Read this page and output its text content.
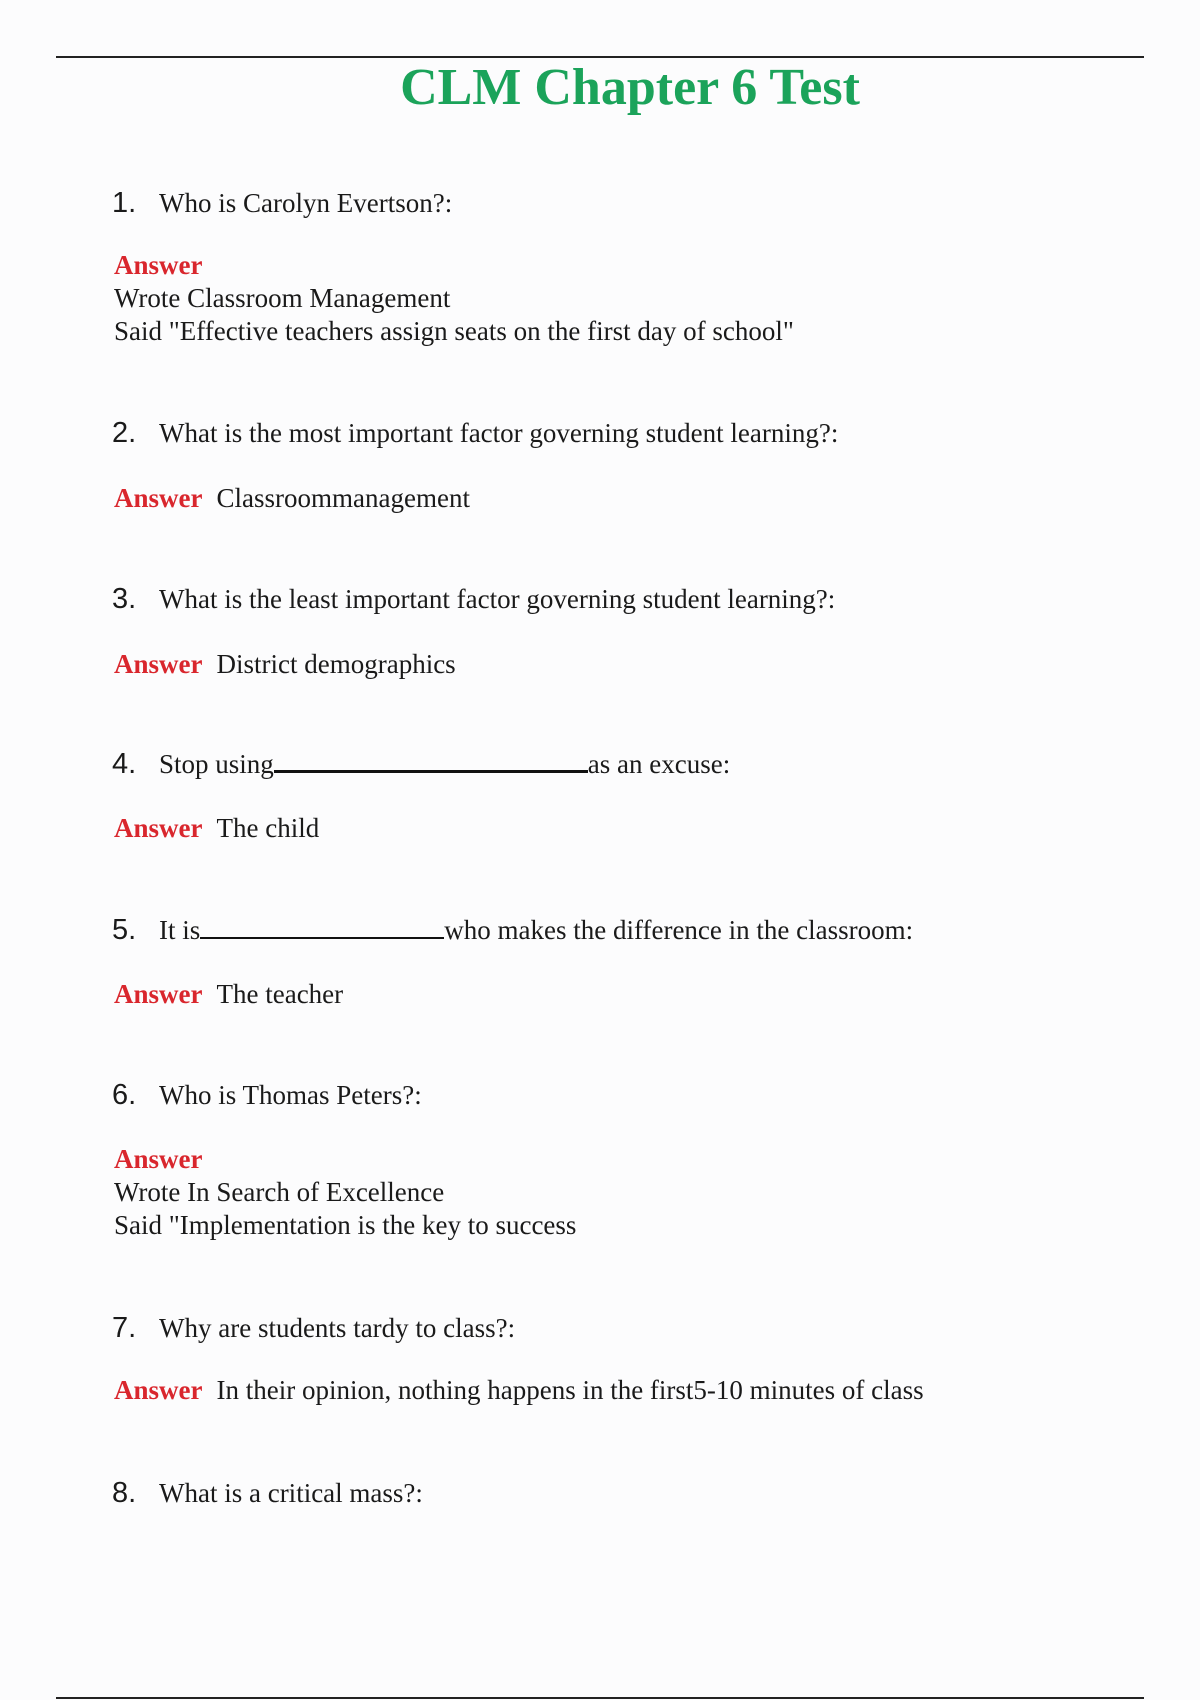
CLM Chapter 6 Test
1. Who is Carolyn Evertson?:
Answer
Wrote Classroom Management
Said "Effective teachers assign seats on the first day of school"
2. What is the most important factor governing student learning?:
Answer Classroommanagement
3. What is the least important factor governing student learning?:
Answer District demographics
4. Stop using	as an excuse:
Answer The child
5. It is	who makes the difference in the classroom:
Answer The teacher
6. Who is Thomas Peters?:
Answer
Wrote In Search of Excellence
Said "Implementation is the key to success
7. Why are students tardy to class?:
Answer In their opinion, nothing happens in the first5-10 minutes of class
8. What is a critical mass?:
